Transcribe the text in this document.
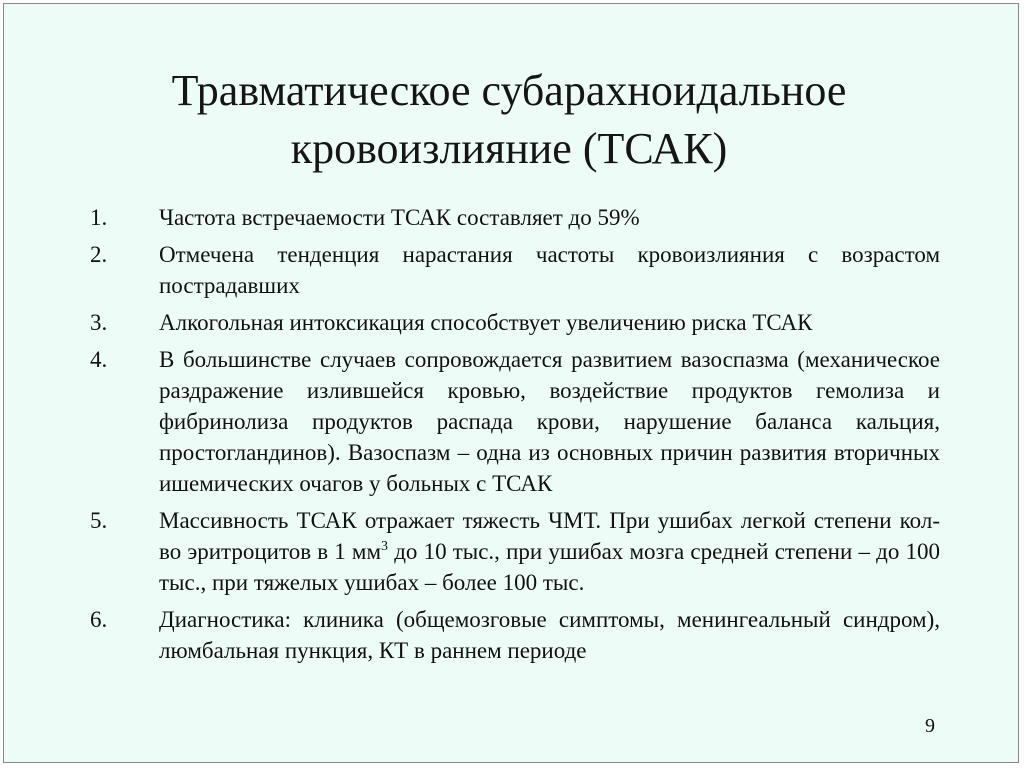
Травматическое субарахноидальное
кровоизлияние (ТСАК)
1. Частота встречаемости ТСАК составляет до 59%
2. Отмечена тенденция нарастания частоты кровоизлияния с возрастом пострадавших
3. Алкогольная интоксикация способствует увеличению риска ТСАК
4. В большинстве случаев сопровождается развитием вазоспазма (механическое раздражение излившейся кровью, воздействие продуктов гемолиза и фибринолиза продуктов распада крови, нарушение баланса кальция, простогландинов). Вазоспазм – одна из основных причин развития вторичных ишемических очагов у больных с ТСАК
5. Массивность ТСАК отражает тяжесть ЧМТ. При ушибах легкой степени кол-во эритроцитов в 1 $мм^3$ до 10 тыс., при ушибах мозга средней степени – до 100 тыс., при тяжелых ушибах – более 100 тыс.
6. Диагностика: клиника (общемозговые симптомы, менингеальный синдром), люмбальная пункция, КТ в раннем периоде
9
